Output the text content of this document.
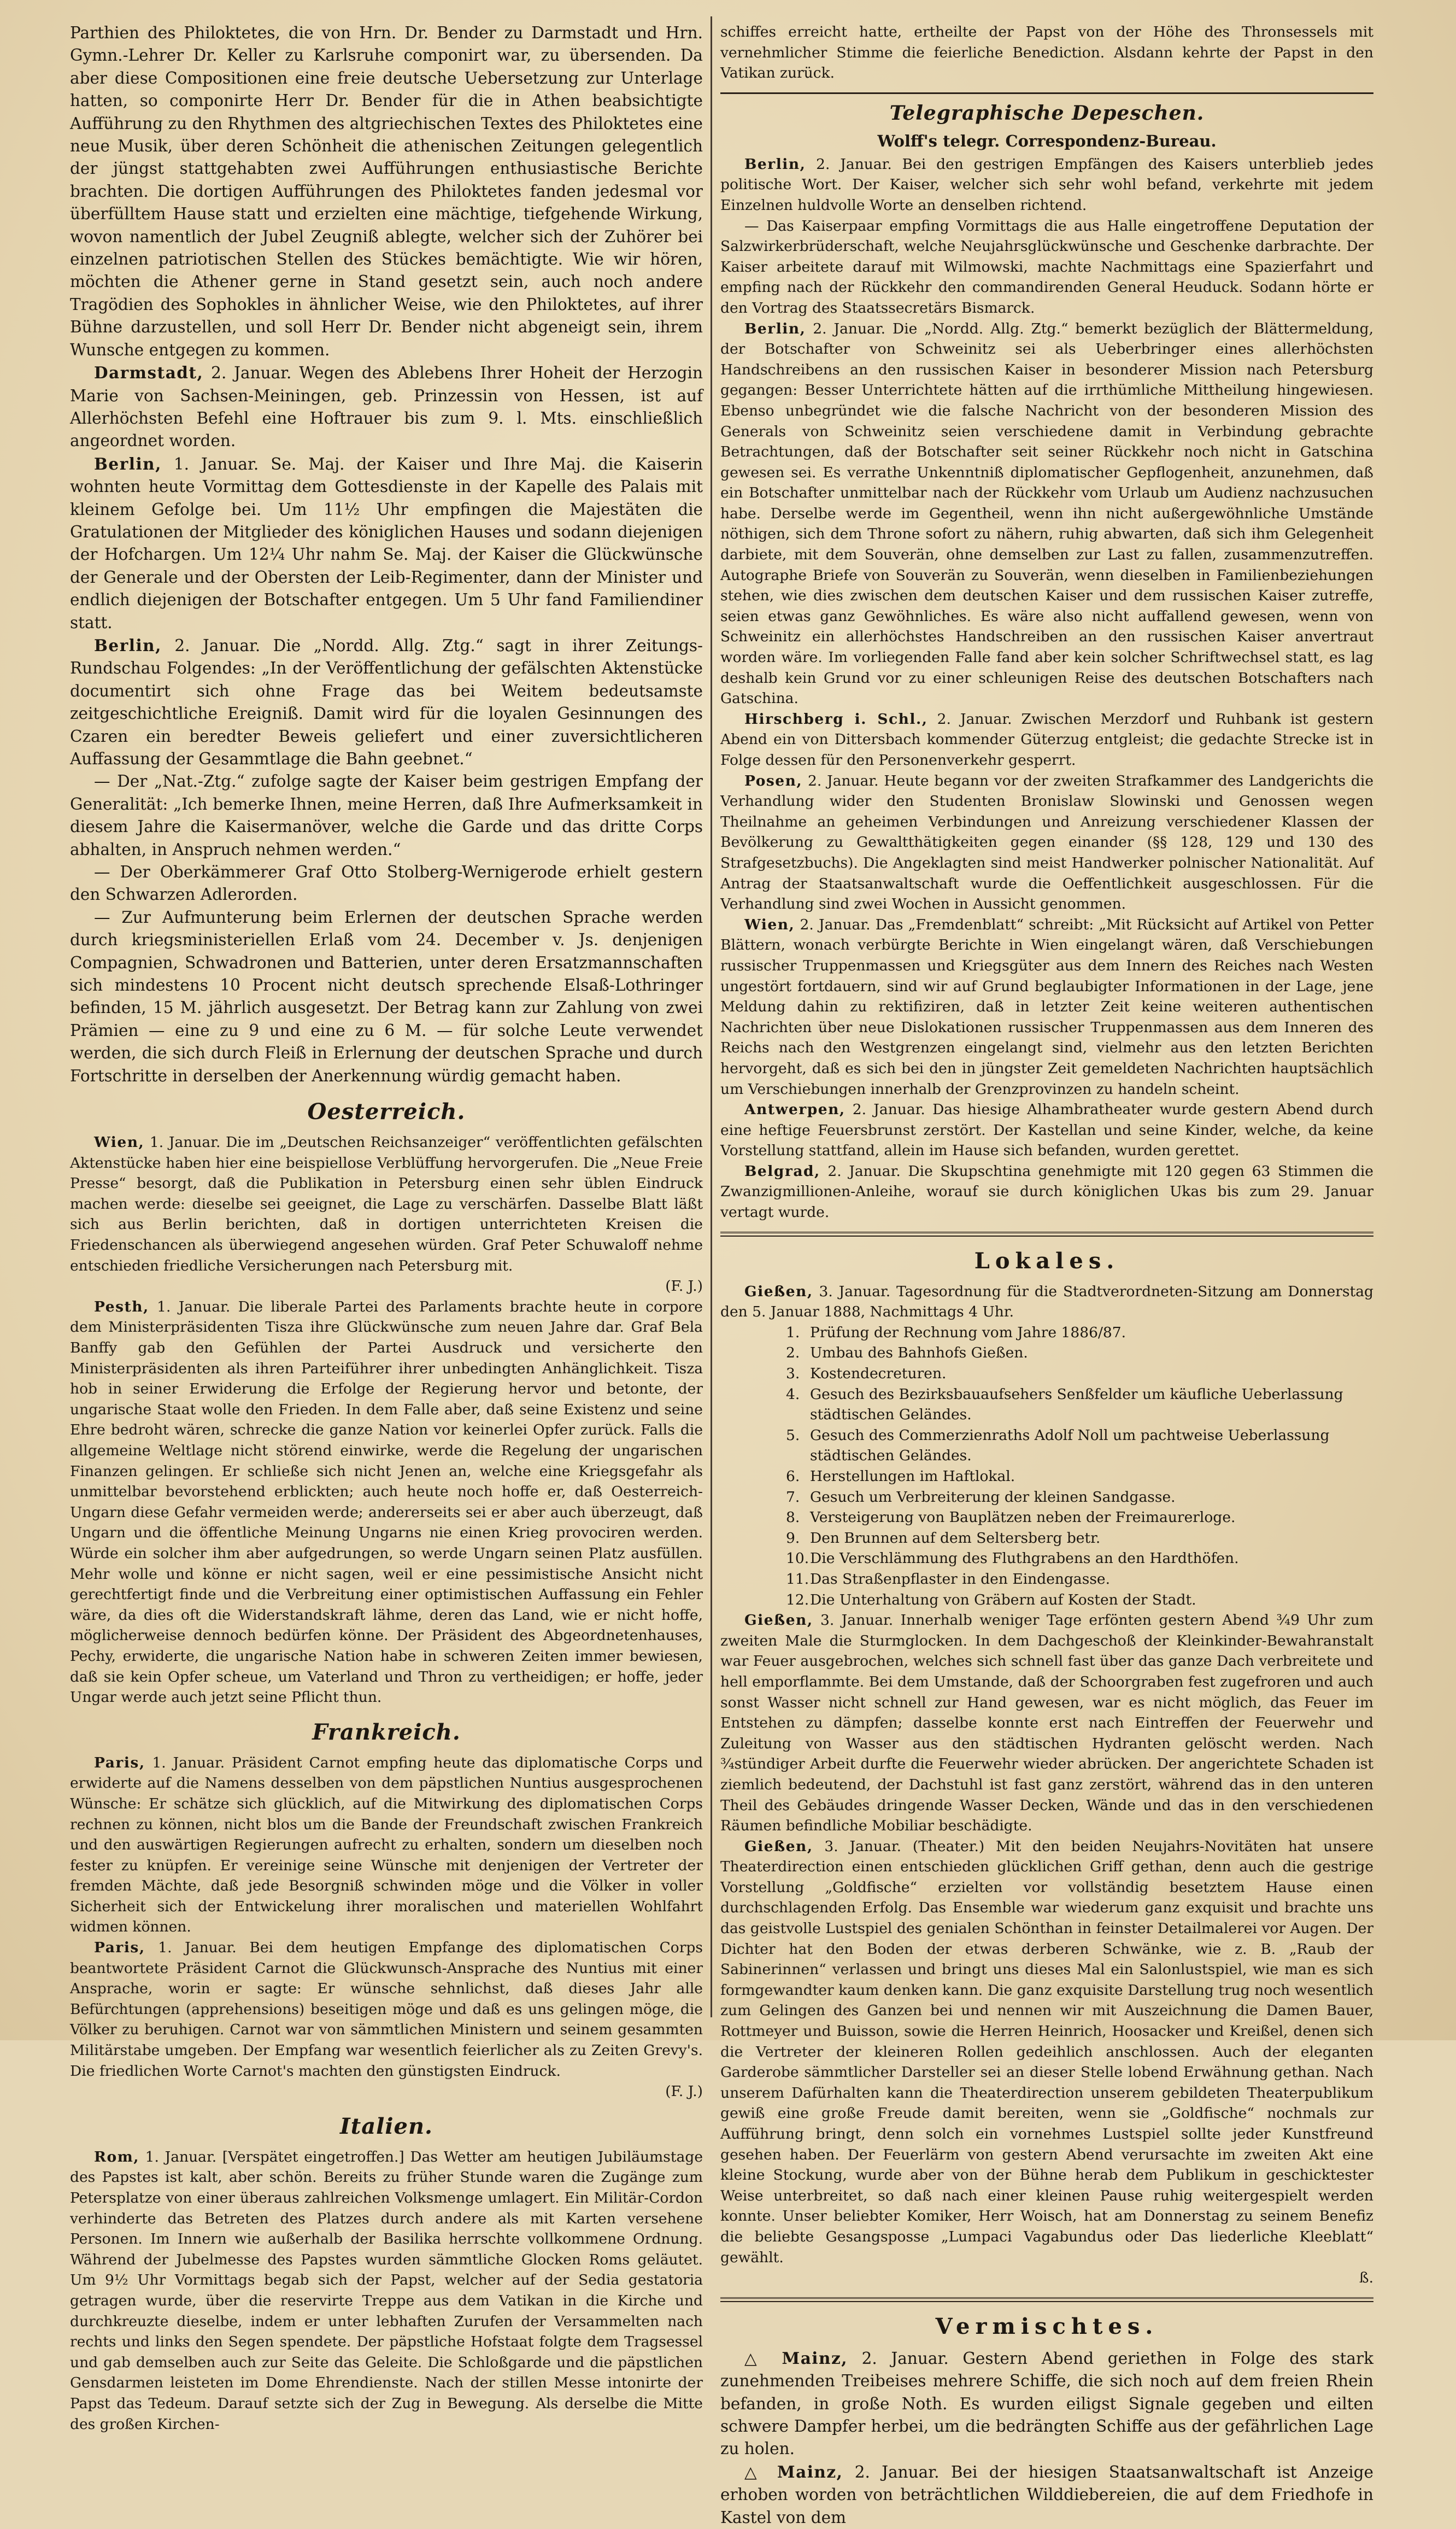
Parthien des Philoktetes, die von Hrn. Dr. Bender zu Darmstadt und Hrn. Gymn.-Lehrer Dr. Keller zu Karlsruhe componirt war, zu übersenden. Da aber diese Compositionen eine freie deutsche Uebersetzung zur Unterlage hatten, so componirte Herr Dr. Bender für die in Athen beabsichtigte Aufführung zu den Rhythmen des altgriechischen Textes des Philoktetes eine neue Musik, über deren Schönheit die athenischen Zeitungen gelegentlich der jüngst stattgehabten zwei Aufführungen enthusiastische Berichte brachten. Die dortigen Aufführungen des Philoktetes fanden jedesmal vor überfülltem Hause statt und erzielten eine mächtige, tiefgehende Wirkung, wovon namentlich der Jubel Zeugniß ablegte, welcher sich der Zuhörer bei einzelnen patriotischen Stellen des Stückes bemächtigte. Wie wir hören, möchten die Athener gerne in Stand gesetzt sein, auch noch andere Tragödien des Sophokles in ähnlicher Weise, wie den Philoktetes, auf ihrer Bühne darzustellen, und soll Herr Dr. Bender nicht abgeneigt sein, ihrem Wunsche entgegen zu kommen.

Darmstadt, 2. Januar. Wegen des Ablebens Ihrer Hoheit der Herzogin Marie von Sachsen-Meiningen, geb. Prinzessin von Hessen, ist auf Allerhöchsten Befehl eine Hoftrauer bis zum 9. l. Mts. einschließlich angeordnet worden.

Berlin, 1. Januar. Se. Maj. der Kaiser und Ihre Maj. die Kaiserin wohnten heute Vormittag dem Gottesdienste in der Kapelle des Palais mit kleinem Gefolge bei. Um 11½ Uhr empfingen die Majestäten die Gratulationen der Mitglieder des königlichen Hauses und sodann diejenigen der Hofchargen. Um 12¼ Uhr nahm Se. Maj. der Kaiser die Glückwünsche der Generale und der Obersten der Leib-Regimenter, dann der Minister und endlich diejenigen der Botschafter entgegen. Um 5 Uhr fand Familiendiner statt.

Berlin, 2. Januar. Die „Nordd. Allg. Ztg.“ sagt in ihrer Zeitungs-Rundschau Folgendes: „In der Veröffentlichung der gefälschten Aktenstücke documentirt sich ohne Frage das bei Weitem bedeutsamste zeitgeschichtliche Ereigniß. Damit wird für die loyalen Gesinnungen des Czaren ein beredter Beweis geliefert und einer zuversichtlicheren Auffassung der Gesammtlage die Bahn geebnet.“

— Der „Nat.-Ztg.“ zufolge sagte der Kaiser beim gestrigen Empfang der Generalität: „Ich bemerke Ihnen, meine Herren, daß Ihre Aufmerksamkeit in diesem Jahre die Kaisermanöver, welche die Garde und das dritte Corps abhalten, in Anspruch nehmen werden.“

— Der Oberkämmerer Graf Otto Stolberg-Wernigerode erhielt gestern den Schwarzen Adlerorden.

— Zur Aufmunterung beim Erlernen der deutschen Sprache werden durch kriegsministeriellen Erlaß vom 24. December v. Js. denjenigen Compagnien, Schwadronen und Batterien, unter deren Ersatzmannschaften sich mindestens 10 Procent nicht deutsch sprechende Elsaß-Lothringer befinden, 15 M. jährlich ausgesetzt. Der Betrag kann zur Zahlung von zwei Prämien — eine zu 9 und eine zu 6 M. — für solche Leute verwendet werden, die sich durch Fleiß in Erlernung der deutschen Sprache und durch Fortschritte in derselben der Anerkennung würdig gemacht haben.

Oesterreich.

Wien, 1. Januar. Die im „Deutschen Reichsanzeiger“ veröffentlichten gefälschten Aktenstücke haben hier eine beispiellose Verblüffung hervorgerufen. Die „Neue Freie Presse“ besorgt, daß die Publikation in Petersburg einen sehr üblen Eindruck machen werde: dieselbe sei geeignet, die Lage zu verschärfen. Dasselbe Blatt läßt sich aus Berlin berichten, daß in dortigen unterrichteten Kreisen die Friedenschancen als überwiegend angesehen würden. Graf Peter Schuwaloff nehme entschieden friedliche Versicherungen nach Petersburg mit.
(F. J.)

Pesth, 1. Januar. Die liberale Partei des Parlaments brachte heute in corpore dem Ministerpräsidenten Tisza ihre Glückwünsche zum neuen Jahre dar. Graf Bela Banffy gab den Gefühlen der Partei Ausdruck und versicherte den Ministerpräsidenten als ihren Parteiführer ihrer unbedingten Anhänglichkeit. Tisza hob in seiner Erwiderung die Erfolge der Regierung hervor und betonte, der ungarische Staat wolle den Frieden. In dem Falle aber, daß seine Existenz und seine Ehre bedroht wären, schrecke die ganze Nation vor keinerlei Opfer zurück. Falls die allgemeine Weltlage nicht störend einwirke, werde die Regelung der ungarischen Finanzen gelingen. Er schließe sich nicht Jenen an, welche eine Kriegsgefahr als unmittelbar bevorstehend erblickten; auch heute noch hoffe er, daß Oesterreich-Ungarn diese Gefahr vermeiden werde; andererseits sei er aber auch überzeugt, daß Ungarn und die öffentliche Meinung Ungarns nie einen Krieg provociren werden. Würde ein solcher ihm aber aufgedrungen, so werde Ungarn seinen Platz ausfüllen. Mehr wolle und könne er nicht sagen, weil er eine pessimistische Ansicht nicht gerechtfertigt finde und die Verbreitung einer optimistischen Auffassung ein Fehler wäre, da dies oft die Widerstandskraft lähme, deren das Land, wie er nicht hoffe, möglicherweise dennoch bedürfen könne. Der Präsident des Abgeordnetenhauses, Pechy, erwiderte, die ungarische Nation habe in schweren Zeiten immer bewiesen, daß sie kein Opfer scheue, um Vaterland und Thron zu vertheidigen; er hoffe, jeder Ungar werde auch jetzt seine Pflicht thun.

Frankreich.

Paris, 1. Januar. Präsident Carnot empfing heute das diplomatische Corps und erwiderte auf die Namens desselben von dem päpstlichen Nuntius ausgesprochenen Wünsche: Er schätze sich glücklich, auf die Mitwirkung des diplomatischen Corps rechnen zu können, nicht blos um die Bande der Freundschaft zwischen Frankreich und den auswärtigen Regierungen aufrecht zu erhalten, sondern um dieselben noch fester zu knüpfen. Er vereinige seine Wünsche mit denjenigen der Vertreter der fremden Mächte, daß jede Besorgniß schwinden möge und die Völker in voller Sicherheit sich der Entwickelung ihrer moralischen und materiellen Wohlfahrt widmen können.

Paris, 1. Januar. Bei dem heutigen Empfange des diplomatischen Corps beantwortete Präsident Carnot die Glückwunsch-Ansprache des Nuntius mit einer Ansprache, worin er sagte: Er wünsche sehnlichst, daß dieses Jahr alle Befürchtungen (apprehensions) beseitigen möge und daß es uns gelingen möge, die Völker zu beruhigen. Carnot war von sämmtlichen Ministern und seinem gesammten Militärstabe umgeben. Der Empfang war wesentlich feierlicher als zu Zeiten Grevy's. Die friedlichen Worte Carnot's machten den günstigsten Eindruck.
(F. J.)

Italien.

Rom, 1. Januar. [Verspätet eingetroffen.] Das Wetter am heutigen Jubiläumstage des Papstes ist kalt, aber schön. Bereits zu früher Stunde waren die Zugänge zum Petersplatze von einer überaus zahlreichen Volksmenge umlagert. Ein Militär-Cordon verhinderte das Betreten des Platzes durch andere als mit Karten versehene Personen. Im Innern wie außerhalb der Basilika herrschte vollkommene Ordnung. Während der Jubelmesse des Papstes wurden sämmtliche Glocken Roms geläutet. Um 9½ Uhr Vormittags begab sich der Papst, welcher auf der Sedia gestatoria getragen wurde, über die reservirte Treppe aus dem Vatikan in die Kirche und durchkreuzte dieselbe, indem er unter lebhaften Zurufen der Versammelten nach rechts und links den Segen spendete. Der päpstliche Hofstaat folgte dem Tragsessel und gab demselben auch zur Seite das Geleite. Die Schloßgarde und die päpstlichen Gensdarmen leisteten im Dome Ehrendienste. Nach der stillen Messe intonirte der Papst das Tedeum. Darauf setzte sich der Zug in Bewegung. Als derselbe die Mitte des großen Kirchen-

schiffes erreicht hatte, ertheilte der Papst von der Höhe des Thronsessels mit vernehmlicher Stimme die feierliche Benediction. Alsdann kehrte der Papst in den Vatikan zurück.

Telegraphische Depeschen.
Wolff's telegr. Correspondenz-Bureau.

Berlin, 2. Januar. Bei den gestrigen Empfängen des Kaisers unterblieb jedes politische Wort. Der Kaiser, welcher sich sehr wohl befand, verkehrte mit jedem Einzelnen huldvolle Worte an denselben richtend.

— Das Kaiserpaar empfing Vormittags die aus Halle eingetroffene Deputation der Salzwirkerbrüderschaft, welche Neujahrsglückwünsche und Geschenke darbrachte. Der Kaiser arbeitete darauf mit Wilmowski, machte Nachmittags eine Spazierfahrt und empfing nach der Rückkehr den commandirenden General Heuduck. Sodann hörte er den Vortrag des Staatssecretärs Bismarck.

Berlin, 2. Januar. Die „Nordd. Allg. Ztg.“ bemerkt bezüglich der Blättermeldung, der Botschafter von Schweinitz sei als Ueberbringer eines allerhöchsten Handschreibens an den russischen Kaiser in besonderer Mission nach Petersburg gegangen: Besser Unterrichtete hätten auf die irrthümliche Mittheilung hingewiesen. Ebenso unbegründet wie die falsche Nachricht von der besonderen Mission des Generals von Schweinitz seien verschiedene damit in Verbindung gebrachte Betrachtungen, daß der Botschafter seit seiner Rückkehr noch nicht in Gatschina gewesen sei. Es verrathe Unkenntniß diplomatischer Gepflogenheit, anzunehmen, daß ein Botschafter unmittelbar nach der Rückkehr vom Urlaub um Audienz nachzusuchen habe. Derselbe werde im Gegentheil, wenn ihn nicht außergewöhnliche Umstände nöthigen, sich dem Throne sofort zu nähern, ruhig abwarten, daß sich ihm Gelegenheit darbiete, mit dem Souverän, ohne demselben zur Last zu fallen, zusammenzutreffen. Autographe Briefe von Souverän zu Souverän, wenn dieselben in Familienbeziehungen stehen, wie dies zwischen dem deutschen Kaiser und dem russischen Kaiser zutreffe, seien etwas ganz Gewöhnliches. Es wäre also nicht auffallend gewesen, wenn von Schweinitz ein allerhöchstes Handschreiben an den russischen Kaiser anvertraut worden wäre. Im vorliegenden Falle fand aber kein solcher Schriftwechsel statt, es lag deshalb kein Grund vor zu einer schleunigen Reise des deutschen Botschafters nach Gatschina.

Hirschberg i. Schl., 2. Januar. Zwischen Merzdorf und Ruhbank ist gestern Abend ein von Dittersbach kommender Güterzug entgleist; die gedachte Strecke ist in Folge dessen für den Personenverkehr gesperrt.

Posen, 2. Januar. Heute begann vor der zweiten Strafkammer des Landgerichts die Verhandlung wider den Studenten Bronislaw Slowinski und Genossen wegen Theilnahme an geheimen Verbindungen und Anreizung verschiedener Klassen der Bevölkerung zu Gewaltthätigkeiten gegen einander (§§ 128, 129 und 130 des Strafgesetzbuchs). Die Angeklagten sind meist Handwerker polnischer Nationalität. Auf Antrag der Staatsanwaltschaft wurde die Oeffentlichkeit ausgeschlossen. Für die Verhandlung sind zwei Wochen in Aussicht genommen.

Wien, 2. Januar. Das „Fremdenblatt“ schreibt: „Mit Rücksicht auf Artikel von Petter Blättern, wonach verbürgte Berichte in Wien eingelangt wären, daß Verschiebungen russischer Truppenmassen und Kriegsgüter aus dem Innern des Reiches nach Westen ungestört fortdauern, sind wir auf Grund beglaubigter Informationen in der Lage, jene Meldung dahin zu rektifiziren, daß in letzter Zeit keine weiteren authentischen Nachrichten über neue Dislokationen russischer Truppenmassen aus dem Inneren des Reichs nach den Westgrenzen eingelangt sind, vielmehr aus den letzten Berichten hervorgeht, daß es sich bei den in jüngster Zeit gemeldeten Nachrichten hauptsächlich um Verschiebungen innerhalb der Grenzprovinzen zu handeln scheint.

Antwerpen, 2. Januar. Das hiesige Alhambratheater wurde gestern Abend durch eine heftige Feuersbrunst zerstört. Der Kastellan und seine Kinder, welche, da keine Vorstellung stattfand, allein im Hause sich befanden, wurden gerettet.

Belgrad, 2. Januar. Die Skupschtina genehmigte mit 120 gegen 63 Stimmen die Zwanzigmillionen-Anleihe, worauf sie durch königlichen Ukas bis zum 29. Januar vertagt wurde.

Lokales.

Gießen, 3. Januar. Tagesordnung für die Stadtverordneten-Sitzung am Donnerstag den 5. Januar 1888, Nachmittags 4 Uhr.

1. Prüfung der Rechnung vom Jahre 1886/87.
2. Umbau des Bahnhofs Gießen.
3. Kostendecreturen.
4. Gesuch des Bezirksbauaufsehers Senßfelder um käufliche Ueberlassung städtischen Geländes.
5. Gesuch des Commerzienraths Adolf Noll um pachtweise Ueberlassung städtischen Geländes.
6. Herstellungen im Haftlokal.
7. Gesuch um Verbreiterung der kleinen Sandgasse.
8. Versteigerung von Bauplätzen neben der Freimaurerloge.
9. Den Brunnen auf dem Seltersberg betr.
10. Die Verschlämmung des Fluthgrabens an den Hardthöfen.
11. Das Straßenpflaster in den Eindengasse.
12. Die Unterhaltung von Gräbern auf Kosten der Stadt.

Gießen, 3. Januar. Innerhalb weniger Tage erfönten gestern Abend ¾9 Uhr zum zweiten Male die Sturmglocken. In dem Dachgeschoß der Kleinkinder-Bewahranstalt war Feuer ausgebrochen, welches sich schnell fast über das ganze Dach verbreitete und hell emporflammte. Bei dem Umstande, daß der Schoorgraben fest zugefroren und auch sonst Wasser nicht schnell zur Hand gewesen, war es nicht möglich, das Feuer im Entstehen zu dämpfen; dasselbe konnte erst nach Eintreffen der Feuerwehr und Zuleitung von Wasser aus den städtischen Hydranten gelöscht werden. Nach ¾stündiger Arbeit durfte die Feuerwehr wieder abrücken. Der angerichtete Schaden ist ziemlich bedeutend, der Dachstuhl ist fast ganz zerstört, während das in den unteren Theil des Gebäudes dringende Wasser Decken, Wände und das in den verschiedenen Räumen befindliche Mobiliar beschädigte.

Gießen, 3. Januar. (Theater.) Mit den beiden Neujahrs-Novitäten hat unsere Theaterdirection einen entschieden glücklichen Griff gethan, denn auch die gestrige Vorstellung „Goldfische“ erzielten vor vollständig besetztem Hause einen durchschlagenden Erfolg. Das Ensemble war wiederum ganz exquisit und brachte uns das geistvolle Lustspiel des genialen Schönthan in feinster Detailmalerei vor Augen. Der Dichter hat den Boden der etwas derberen Schwänke, wie z. B. „Raub der Sabinerinnen“ verlassen und bringt uns dieses Mal ein Salonlustspiel, wie man es sich formgewandter kaum denken kann. Die ganz exquisite Darstellung trug noch wesentlich zum Gelingen des Ganzen bei und nennen wir mit Auszeichnung die Damen Bauer, Rottmeyer und Buisson, sowie die Herren Heinrich, Hoosacker und Kreißel, denen sich die Vertreter der kleineren Rollen gedeihlich anschlossen. Auch der eleganten Garderobe sämmtlicher Darsteller sei an dieser Stelle lobend Erwähnung gethan. Nach unserem Dafürhalten kann die Theaterdirection unserem gebildeten Theaterpublikum gewiß eine große Freude damit bereiten, wenn sie „Goldfische“ nochmals zur Aufführung bringt, denn solch ein vornehmes Lustspiel sollte jeder Kunstfreund gesehen haben. Der Feuerlärm von gestern Abend verursachte im zweiten Akt eine kleine Stockung, wurde aber von der Bühne herab dem Publikum in geschicktester Weise unterbreitet, so daß nach einer kleinen Pause ruhig weitergespielt werden konnte. Unser beliebter Komiker, Herr Woisch, hat am Donnerstag zu seinem Benefiz die beliebte Gesangsposse „Lumpaci Vagabundus oder Das liederliche Kleeblatt“ gewählt.
ß.

Vermischtes.

△ Mainz, 2. Januar. Gestern Abend geriethen in Folge des stark zunehmenden Treibeises mehrere Schiffe, die sich noch auf dem freien Rhein befanden, in große Noth. Es wurden eiligst Signale gegeben und eilten schwere Dampfer herbei, um die bedrängten Schiffe aus der gefährlichen Lage zu holen.

△ Mainz, 2. Januar. Bei der hiesigen Staatsanwaltschaft ist Anzeige erhoben worden von beträchtlichen Wilddiebereien, die auf dem Friedhofe in Kastel von dem
